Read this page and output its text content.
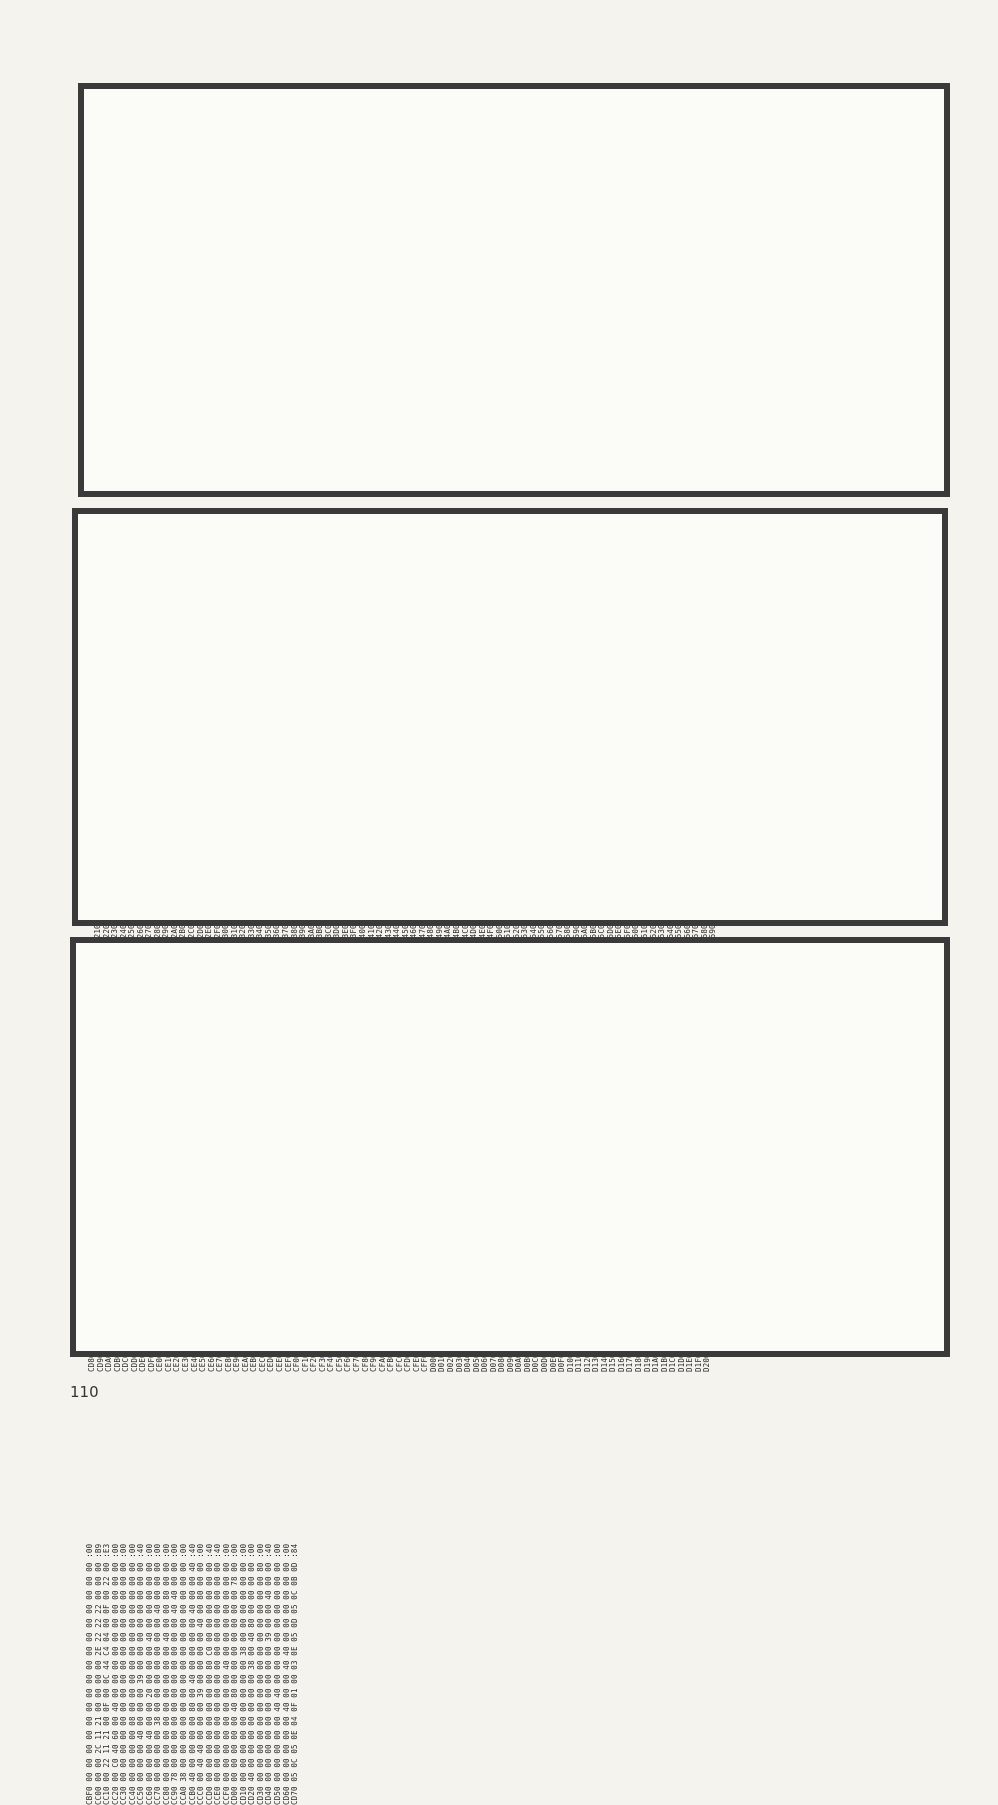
CBF0 00 00 00 00 00 00 00 00 00 00 00 00 00 00 00 00 :00 CC00 00 00 2C 11 21 00 00 00 00 2E 22 22 22 00 00 00 :B9 CC10 00 22 11 21 00 0F 00 0C 44 C4 04 00 0F 00 22 00 :E3 CC20 00 C0 40 60 00 40 00 00 00 00 00 00 00 00 00 00 :00 CC30 00 00 00 00 00 00 00 00 00 00 00 00 00 00 00 00 :00 CC40 00 00 00 00 08 00 00 00 00 00 00 00 00 00 00 00 :00 CC50 00 00 00 40 00 00 00 39 00 00 00 00 00 00 00 00 :40 CC60 00 00 00 40 00 00 20 00 00 00 40 00 00 00 00 00 :00 CC70 00 00 00 00 38 00 00 00 00 00 00 00 40 00 00 00 :00 CC80 00 00 00 00 00 00 00 00 00 00 40 00 00 80 00 00 :00 CC90 78 00 00 00 00 00 00 00 00 00 00 00 40 40 00 00 :00 CCA0 38 00 00 00 00 00 00 00 00 00 00 00 00 00 00 00 :00 CCB0 40 00 00 00 00 80 00 40 00 00 00 00 40 00 00 40 :40 CCC0 00 40 40 00 00 00 39 00 00 00 00 40 00 80 00 00 :00 CCD0 00 00 00 00 00 00 00 00 80 C0 00 00 00 00 00 00 :40 CCE0 00 00 00 00 00 00 00 00 00 00 00 00 00 00 00 00 :40 CCF0 00 00 00 00 00 00 00 00 40 00 00 00 00 00 00 00 :00 CD00 00 00 00 00 00 40 80 00 00 00 00 00 00 00 78 00 :00 CD10 00 00 00 00 00 00 00 00 00 38 00 00 00 00 00 00 :00 CD20 40 00 00 00 00 00 00 00 38 00 40 80 00 00 00 00 :00 CD30 00 00 00 00 00 00 00 00 00 00 00 00 00 00 00 80 :00 CD40 00 00 00 00 00 00 00 00 00 00 39 00 00 40 00 00 :40 CD50 00 00 00 00 00 40 40 00 00 00 00 00 00 00 00 00 :00 CD60 00 00 00 00 00 40 00 00 40 40 00 00 00 00 00 00 :00 CD70 05 0C 05 0E 04 0F 01 00 03 0E 05 0D 05 0C 0B 0D :84
110
